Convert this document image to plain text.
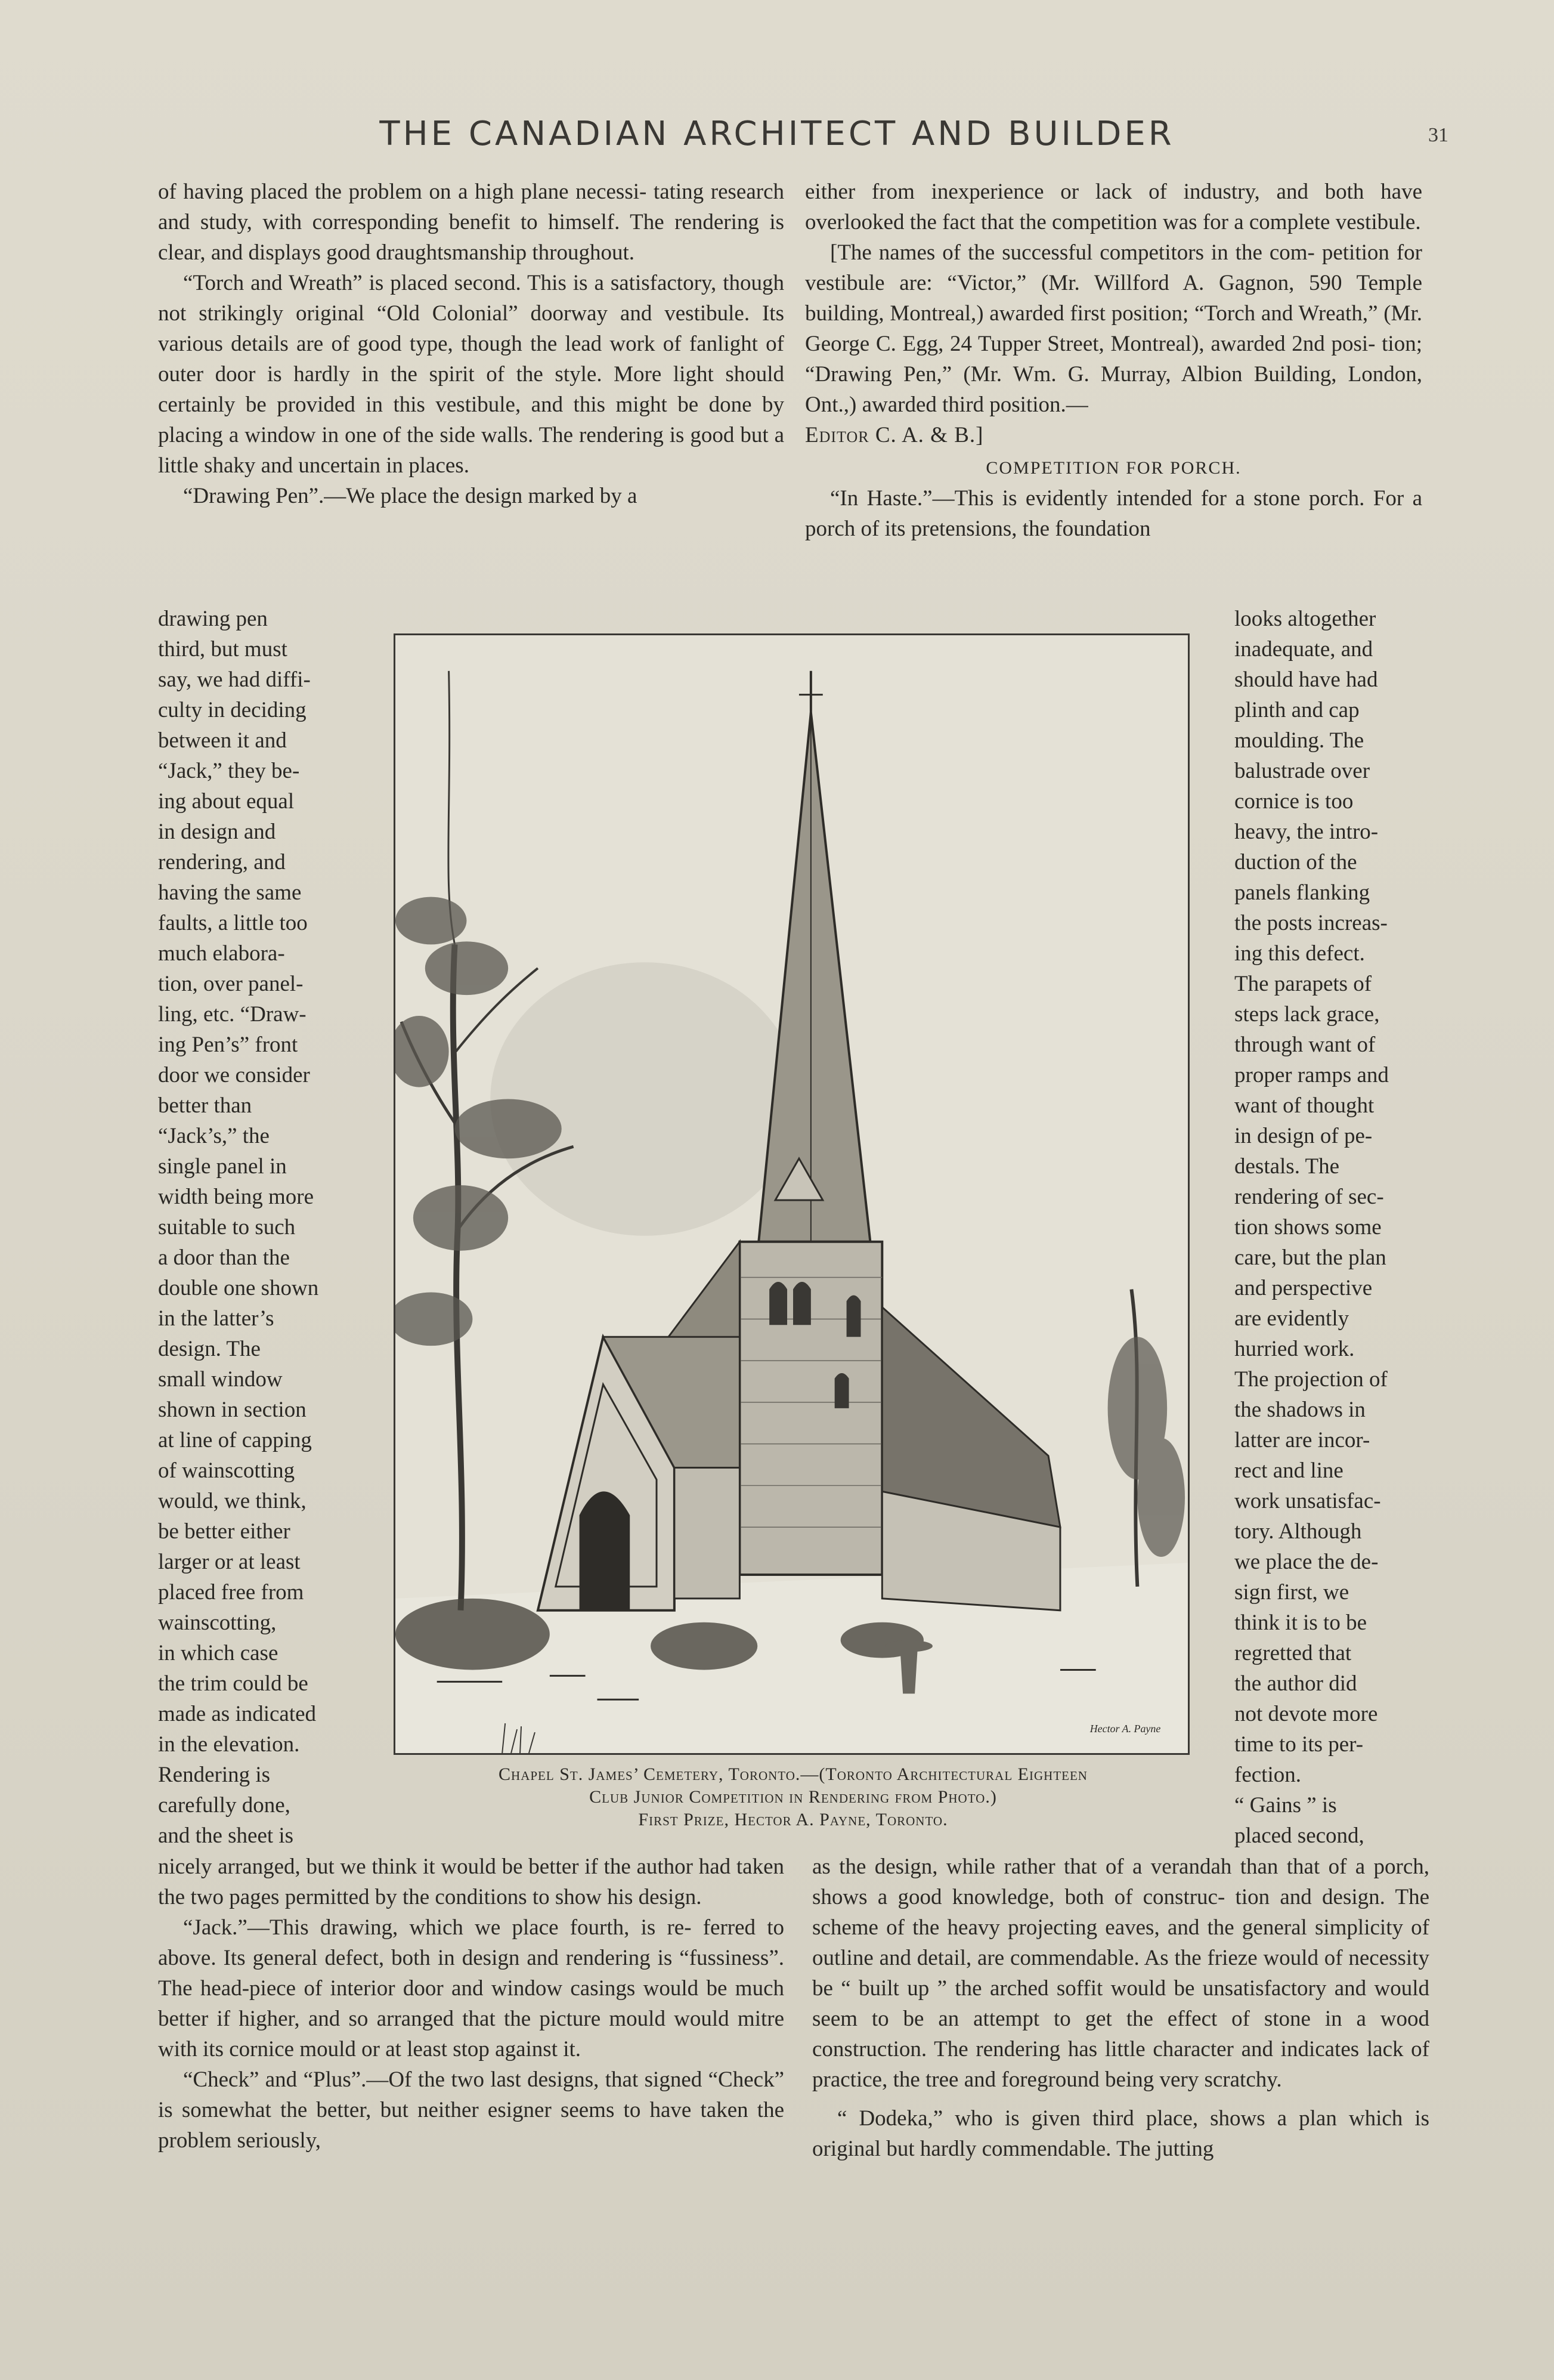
THE CANADIAN ARCHITECT AND BUILDER	31

of having placed the problem on a high plane necessi- tating research and study, with corresponding benefit to himself. The rendering is clear, and displays good draughtsmanship throughout.

“Torch and Wreath” is placed second. This is a satisfactory, though not strikingly original “Old Colonial” doorway and vestibule. Its various details are of good type, though the lead work of fanlight of outer door is hardly in the spirit of the style. More light should certainly be provided in this vestibule, and this might be done by placing a window in one of the side walls. The rendering is good but a little shaky and uncertain in places.

“Drawing Pen”.—We place the design marked by a

drawing pen
third, but must
say, we had diffi-
culty in deciding
between it and
“Jack,” they be-
ing about equal
in design and
rendering, and
having the same
faults, a little too
much elabora-
tion, over panel-
ling, etc. “Draw-
ing Pen’s” front
door we consider
better than
“Jack’s,” the
single panel in
width being more
suitable to such
a door than the
double one shown
in the latter’s
design. The
small window
shown in section
at line of capping
of wainscotting
would, we think,
be better either
larger or at least
placed free from
wainscotting,
in which case
the trim could be
made as indicated
in the elevation.
Rendering is
carefully done,
and the sheet is

nicely arranged, but we think it would be better if the author had taken the two pages permitted by the conditions to show his design.

“Jack.”—This drawing, which we place fourth, is re- ferred to above. Its general defect, both in design and rendering is “fussiness”. The head-piece of interior door and window casings would be much better if higher, and so arranged that the picture mould would mitre with its cornice mould or at least stop against it.

“Check” and “Plus”.—Of the two last designs, that signed “Check” is somewhat the better, but neither esigner seems to have taken the problem seriously,

either from inexperience or lack of industry, and both have overlooked the fact that the competition was for a complete vestibule.

[The names of the successful competitors in the com- petition for vestibule are: “Victor,” (Mr. Willford A. Gagnon, 590 Temple building, Montreal,) awarded first position; “Torch and Wreath,” (Mr. George C. Egg, 24 Tupper Street, Montreal), awarded 2nd posi- tion; “Drawing Pen,” (Mr. Wm. G. Murray, Albion Building, London, Ont.,) awarded third position.—

Editor C. A. & B.]

COMPETITION FOR PORCH.

“In Haste.”—This is evidently intended for a stone porch. For a porch of its pretensions, the foundation

looks altogether
inadequate, and
should have had
plinth and cap
moulding. The
balustrade over
cornice is too
heavy, the intro-
duction of the
panels flanking
the posts increas-
ing this defect.
The parapets of
steps lack grace,
through want of
proper ramps and
want of thought
in design of pe-
destals. The
rendering of sec-
tion shows some
care, but the plan
and perspective
are evidently
hurried work.
The projection of
the shadows in
latter are incor-
rect and line
work unsatisfac-
tory. Although
we place the de-
sign first, we
think it is to be
regretted that
the author did
not devote more
time to its per-
fection.
“ Gains ” is
placed second,

as the design, while rather that of a verandah than that of a porch, shows a good knowledge, both of construc- tion and design. The scheme of the heavy projecting eaves, and the general simplicity of outline and detail, are commendable. As the frieze would of necessity be “ built up ” the arched soffit would be unsatisfactory and would seem to be an attempt to get the effect of stone in a wood construction. The rendering has little character and indicates lack of practice, the tree and foreground being very scratchy.

“ Dodeka,” who is given third place, shows a plan which is original but hardly commendable. The jutting

Hector A. Payne
Chapel St. James’ Cemetery, Toronto.—(Toronto Architectural Eighteen
Club Junior Competition in Rendering from Photo.)
First Prize, Hector A. Payne, Toronto.
